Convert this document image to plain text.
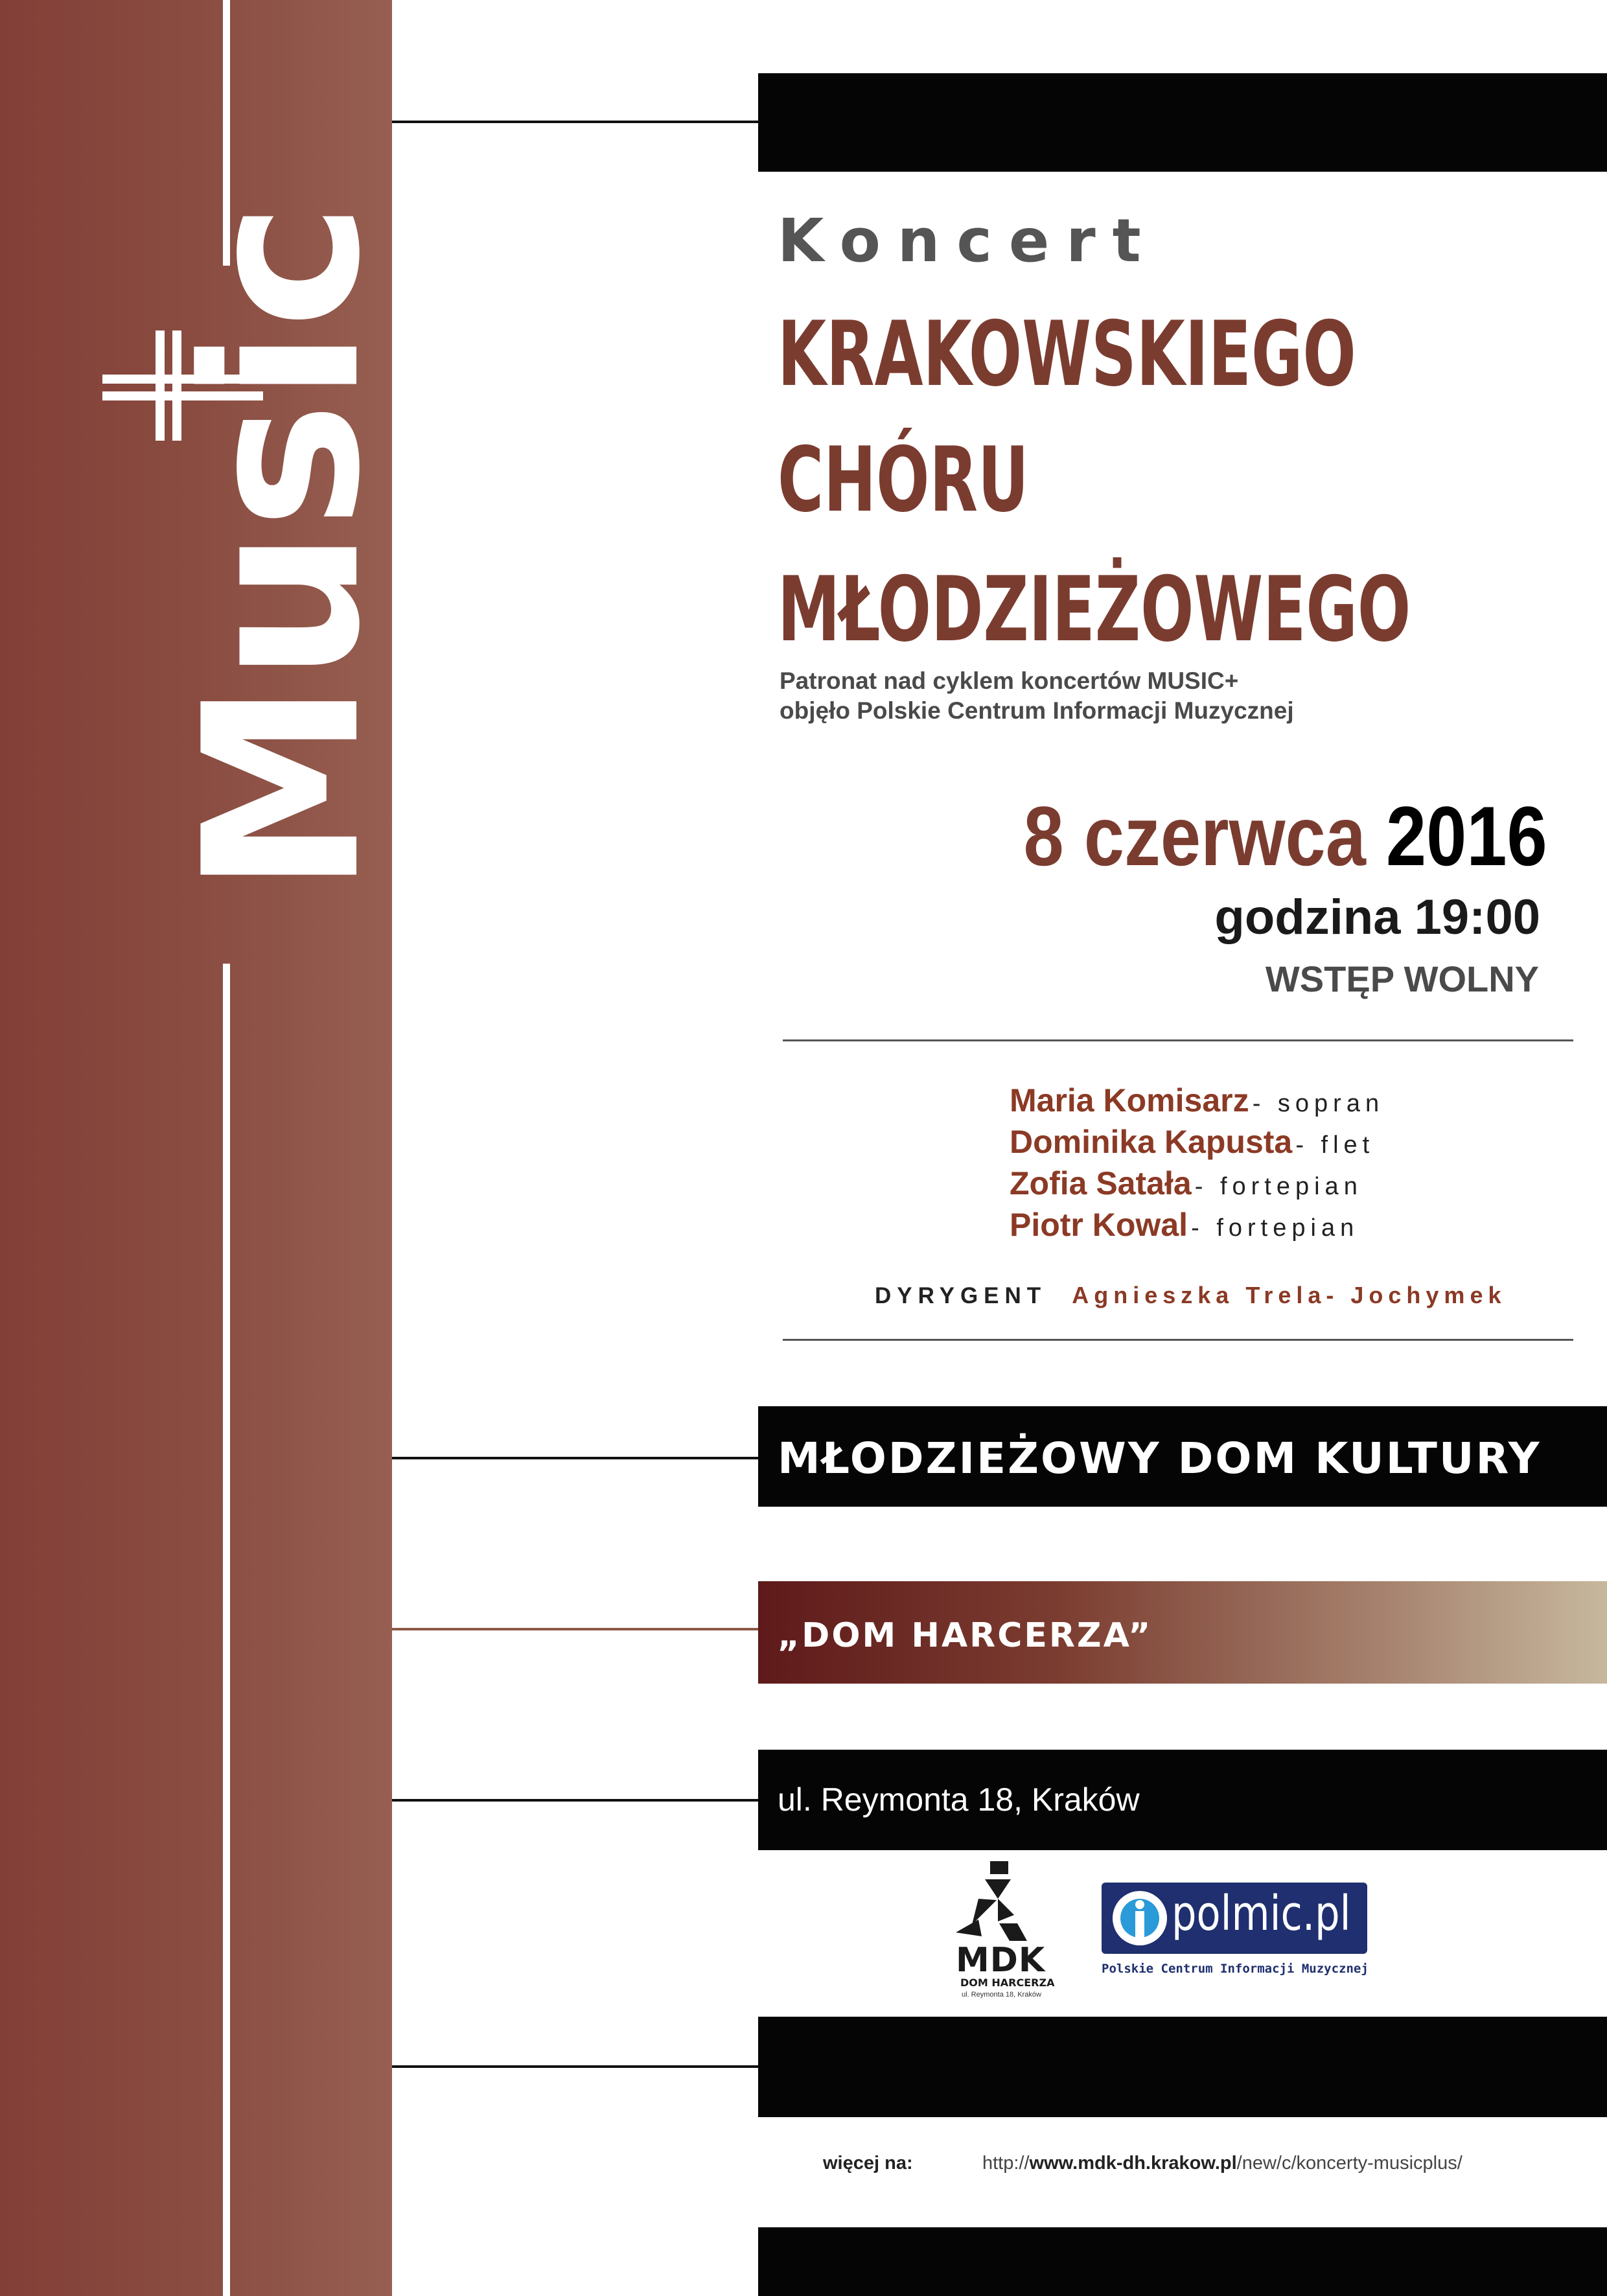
Music	Koncert
KRAKOWSKIEGO
CHÓRU
MŁODZIEŻOWEGO
Patronat nad cyklem koncertów MUSIC+
objęło Polskie Centrum Informacji Muzycznej
8 czerwca 2016
godzina 19:00
WSTĘP WOLNY
Maria Komisarz - sopran
Dominika Kapusta - flet
Zofia Satała - fortepian
Piotr Kowal - fortepian
DYRYGENT Agnieszka Trela- Jochymek
MŁODZIEŻOWY DOM KULTURY
„DOM HARCERZA”
ul. Reymonta 18, Kraków
MDK
DOM HARCERZA
ul. Reymonta 18, Kraków
polmic.pl
Polskie Centrum Informacji Muzycznej
więcej na:	http://www.mdk-dh.krakow.pl/new/c/koncerty-musicplus/
